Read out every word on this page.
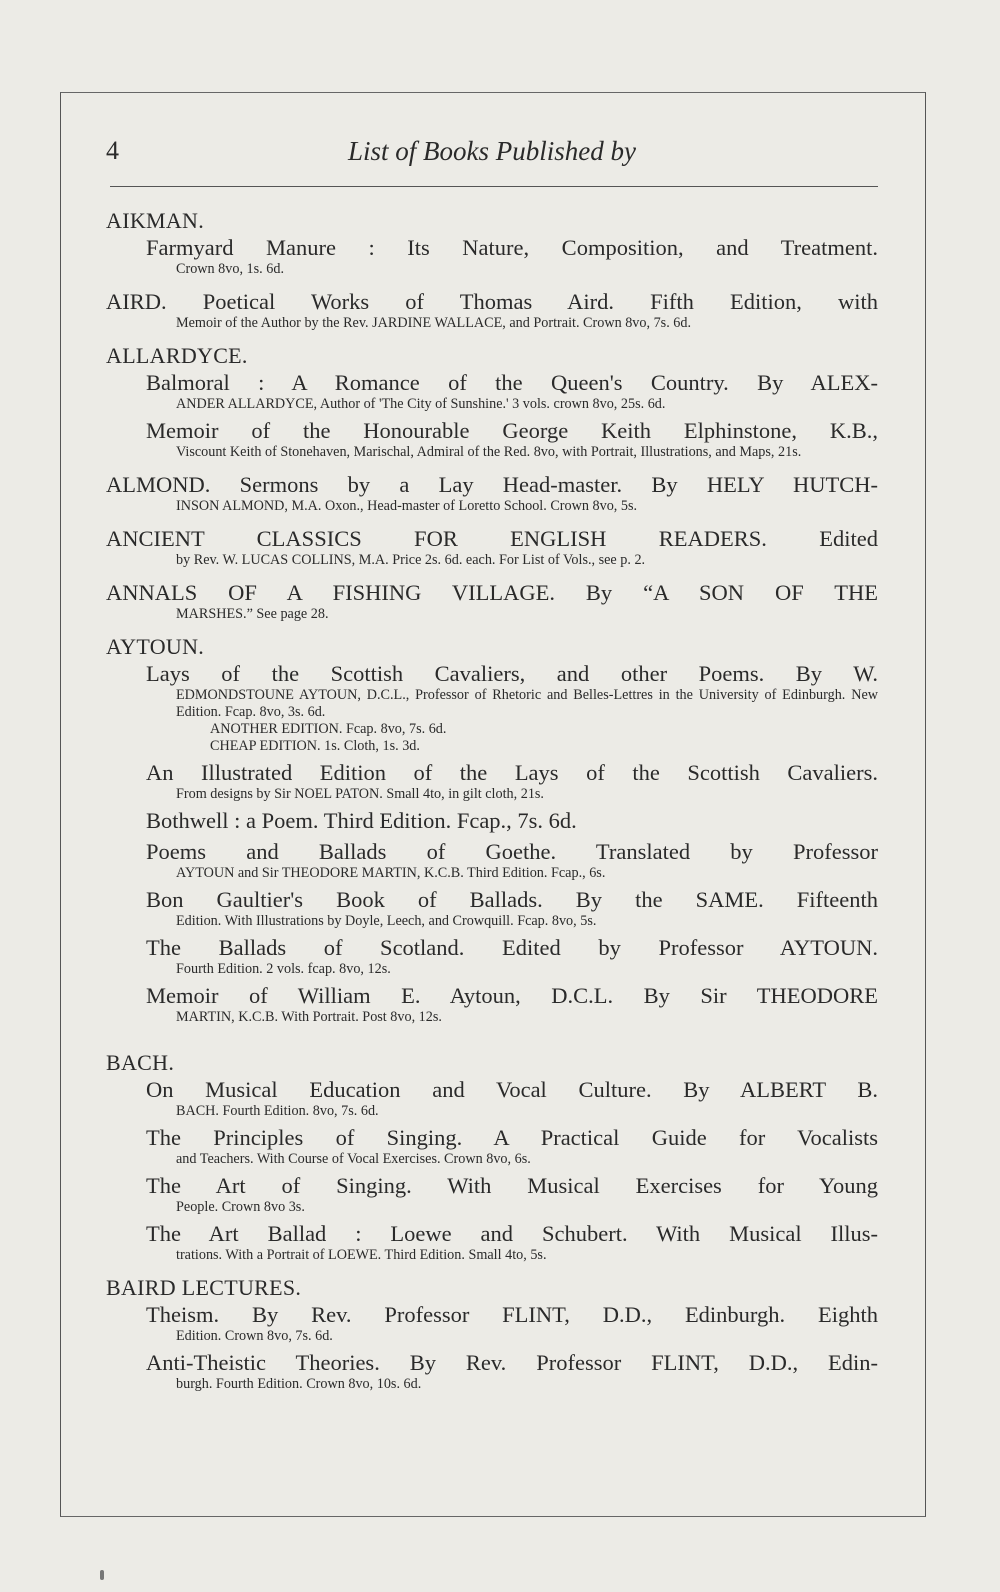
4	List of Books Published by
AIKMAN.
Farmyard Manure : Its Nature, Composition, and Treatment.
Crown 8vo, 1s. 6d.
AIRD. Poetical Works of Thomas Aird. Fifth Edition, with
Memoir of the Author by the Rev. JARDINE WALLACE, and Portrait. Crown 8vo, 7s. 6d.
ALLARDYCE.
Balmoral : A Romance of the Queen's Country. By ALEX-
ANDER ALLARDYCE, Author of 'The City of Sunshine.' 3 vols. crown 8vo, 25s. 6d.
Memoir of the Honourable George Keith Elphinstone, K.B.,
Viscount Keith of Stonehaven, Marischal, Admiral of the Red. 8vo, with Portrait, Illustrations, and Maps, 21s.
ALMOND. Sermons by a Lay Head-master. By HELY HUTCH-
INSON ALMOND, M.A. Oxon., Head-master of Loretto School. Crown 8vo, 5s.
ANCIENT CLASSICS FOR ENGLISH READERS. Edited
by Rev. W. LUCAS COLLINS, M.A. Price 2s. 6d. each. For List of Vols., see p. 2.
ANNALS OF A FISHING VILLAGE. By “A SON OF THE
MARSHES.” See page 28.
AYTOUN.
Lays of the Scottish Cavaliers, and other Poems. By W.
EDMONDSTOUNE AYTOUN, D.C.L., Professor of Rhetoric and Belles-Lettres in the University of Edinburgh. New Edition. Fcap. 8vo, 3s. 6d.
ANOTHER EDITION. Fcap. 8vo, 7s. 6d.
CHEAP EDITION. 1s. Cloth, 1s. 3d.
An Illustrated Edition of the Lays of the Scottish Cavaliers.
From designs by Sir NOEL PATON. Small 4to, in gilt cloth, 21s.
Bothwell : a Poem. Third Edition. Fcap., 7s. 6d.
Poems and Ballads of Goethe. Translated by Professor
AYTOUN and Sir THEODORE MARTIN, K.C.B. Third Edition. Fcap., 6s.
Bon Gaultier's Book of Ballads. By the SAME. Fifteenth
Edition. With Illustrations by Doyle, Leech, and Crowquill. Fcap. 8vo, 5s.
The Ballads of Scotland. Edited by Professor AYTOUN.
Fourth Edition. 2 vols. fcap. 8vo, 12s.
Memoir of William E. Aytoun, D.C.L. By Sir THEODORE
MARTIN, K.C.B. With Portrait. Post 8vo, 12s.
BACH.
On Musical Education and Vocal Culture. By ALBERT B.
BACH. Fourth Edition. 8vo, 7s. 6d.
The Principles of Singing. A Practical Guide for Vocalists
and Teachers. With Course of Vocal Exercises. Crown 8vo, 6s.
The Art of Singing. With Musical Exercises for Young
People. Crown 8vo 3s.
The Art Ballad : Loewe and Schubert. With Musical Illus-
trations. With a Portrait of LOEWE. Third Edition. Small 4to, 5s.
BAIRD LECTURES.
Theism. By Rev. Professor FLINT, D.D., Edinburgh. Eighth
Edition. Crown 8vo, 7s. 6d.
Anti-Theistic Theories. By Rev. Professor FLINT, D.D., Edin-
burgh. Fourth Edition. Crown 8vo, 10s. 6d.
